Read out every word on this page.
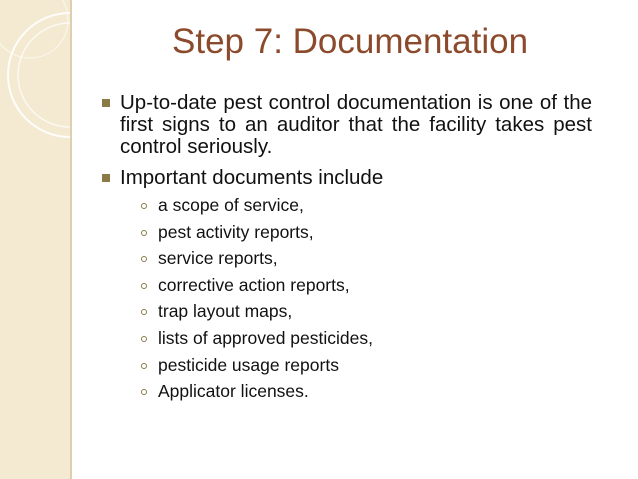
Step 7: Documentation
Up-to-date pest control documentation is one of the first signs to an auditor that the facility takes pest control seriously.
Important documents include
a scope of service,
pest activity reports,
service reports,
corrective action reports,
trap layout maps,
lists of approved pesticides,
pesticide usage reports
Applicator licenses.
